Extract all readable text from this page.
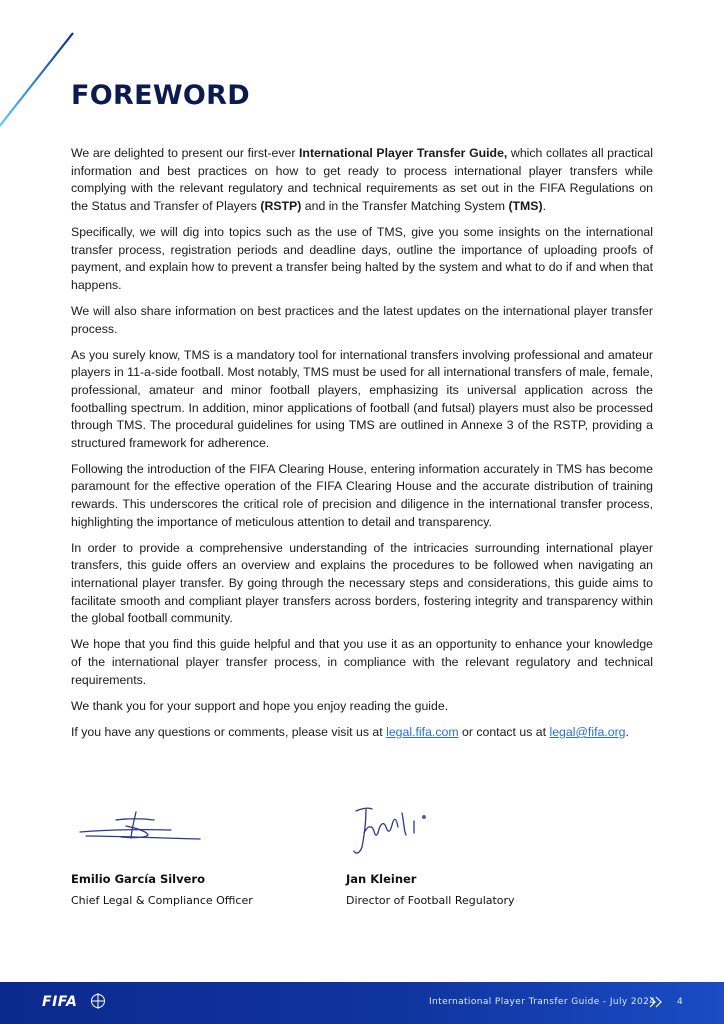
FOREWORD

We are delighted to present our first-ever International Player Transfer Guide, which collates all practical information and best practices on how to get ready to process international player transfers while complying with the relevant regulatory and technical requirements as set out in the FIFA Regulations on the Status and Transfer of Players (RSTP) and in the Transfer Matching System (TMS).

Specifically, we will dig into topics such as the use of TMS, give you some insights on the international transfer process, registration periods and deadline days, outline the importance of uploading proofs of payment, and explain how to prevent a transfer being halted by the system and what to do if and when that happens.

We will also share information on best practices and the latest updates on the international player transfer process.

As you surely know, TMS is a mandatory tool for international transfers involving professional and amateur players in 11-a-side football. Most notably, TMS must be used for all international transfers of male, female, professional, amateur and minor football players, emphasizing its universal application across the footballing spectrum. In addition, minor applications of football (and futsal) players must also be processed through TMS. The procedural guidelines for using TMS are outlined in Annexe 3 of the RSTP, providing a structured framework for adherence.

Following the introduction of the FIFA Clearing House, entering information accurately in TMS has become paramount for the effective operation of the FIFA Clearing House and the accurate distribution of training rewards. This underscores the critical role of precision and diligence in the international transfer process, highlighting the importance of meticulous attention to detail and transparency.

In order to provide a comprehensive understanding of the intricacies surrounding international player transfers, this guide offers an overview and explains the procedures to be followed when navigating an international player transfer. By going through the necessary steps and considerations, this guide aims to facilitate smooth and compliant player transfers across borders, fostering integrity and transparency within the global football community.

We hope that you find this guide helpful and that you use it as an opportunity to enhance your knowledge of the international player transfer process, in compliance with the relevant regulatory and technical requirements.

We thank you for your support and hope you enjoy reading the guide.

If you have any questions or comments, please visit us at legal.fifa.com or contact us at legal@fifa.org.

Emilio García Silvero
Chief Legal & Compliance Officer
Jan Kleiner
Director of Football Regulatory
FIFA	International Player Transfer Guide - July 2024 4
